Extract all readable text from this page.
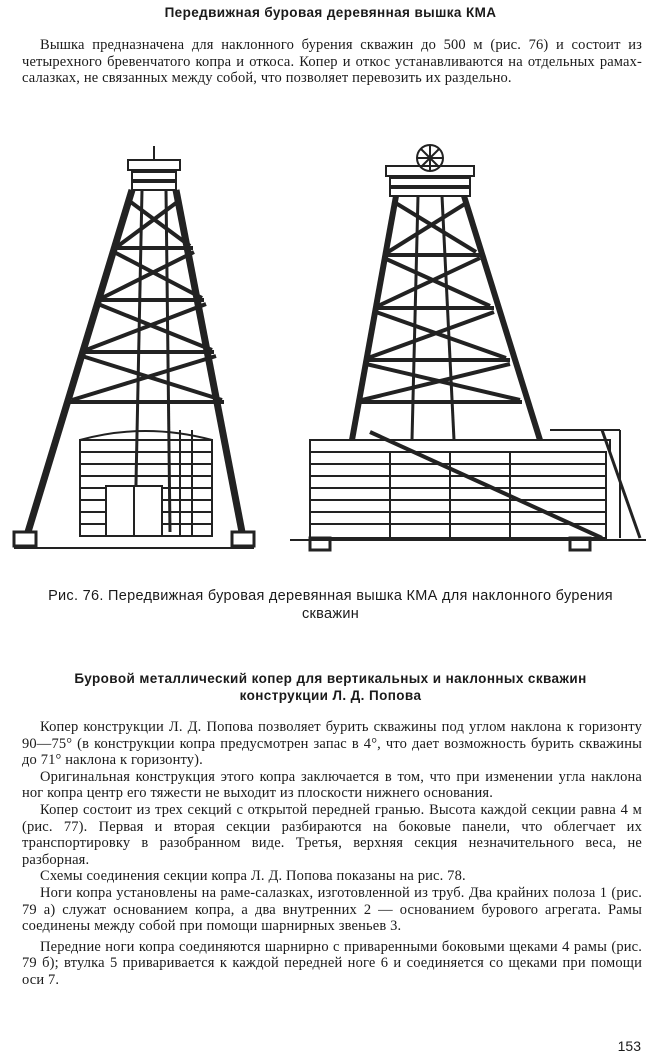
Передвижная буровая деревянная вышка КМА

Вышка предназначена для наклонного бурения скважин до 500 м (рис. 76) и состоит из четырехного бревенчатого копра и откоса. Копер и откос устанавливаются на отдельных рамах-салазках, не связанных между собой, что позволяет перевозить их раздельно.

Рис. 76. Передвижная буровая деревянная вышка КМА для наклонного бурения скважин
Буровой металлический копер для вертикальных и наклонных скважин
конструкции Л. Д. Попова

Копер конструкции Л. Д. Попова позволяет бурить скважины под углом наклона к горизонту 90—75° (в конструкции копра предусмотрен запас в 4°, что дает возможность бурить скважины до 71° наклона к горизонту).

Оригинальная конструкция этого копра заключается в том, что при изменении угла наклона ног копра центр его тяжести не выходит из плоскости нижнего основания.

Копер состоит из трех секций с открытой передней гранью. Высота каждой секции равна 4 м (рис. 77). Первая и вторая секции разбираются на боковые панели, что облегчает их транспортировку в разобранном виде. Третья, верхняя секция незначительного веса, не разборная.

Схемы соединения секции копра Л. Д. Попова показаны на рис. 78.

Ноги копра установлены на раме-салазках, изготовленной из труб. Два крайних полоза 1 (рис. 79 а) служат основанием копра, а два внутренних 2 — основанием бурового агрегата. Рамы соединены между собой при помощи шарнирных звеньев 3.

Передние ноги копра соединяются шарнирно с приваренными боковыми щеками 4 рамы (рис. 79 б); втулка 5 приваривается к каждой передней ноге 6 и соединяется со щеками при помощи оси 7.

153
